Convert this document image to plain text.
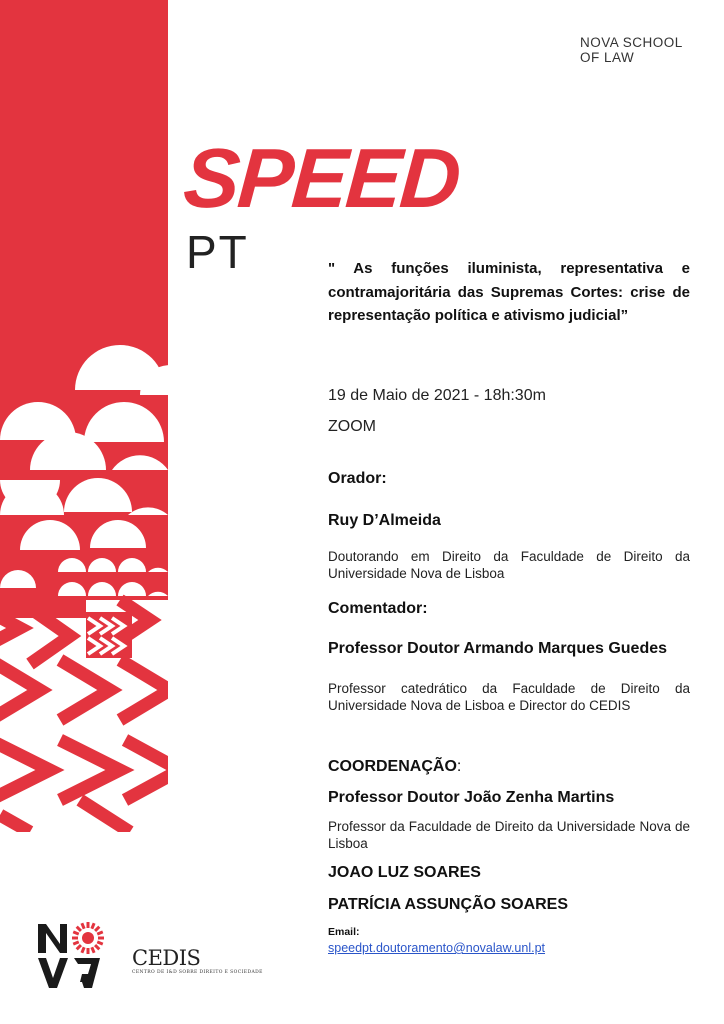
NOVA SCHOOL
OF LAW
SPEED
PT	" As funções iluminista, representativa e contramajoritária das Supremas Cortes: crise de representação política e ativismo judicial”
19 de Maio de 2021 - 18h:30m
ZOOM
Orador:
Ruy D’Almeida
Doutorando em Direito da Faculdade de Direito da Universidade Nova de Lisboa
Comentador:
Professor Doutor Armando Marques Guedes
Professor catedrático da Faculdade de Direito da Universidade Nova de Lisboa e Director do CEDIS
COORDENAÇÃO:
Professor Doutor João Zenha Martins
Professor da Faculdade de Direito da Universidade Nova de Lisboa
JOAO LUZ SOARES
PATRÍCIA ASSUNÇÃO SOARES
Email:
speedpt.doutoramento@novalaw.unl.pt
CEDIS
CENTRO DE I&D SOBRE DIREITO E SOCIEDADE
